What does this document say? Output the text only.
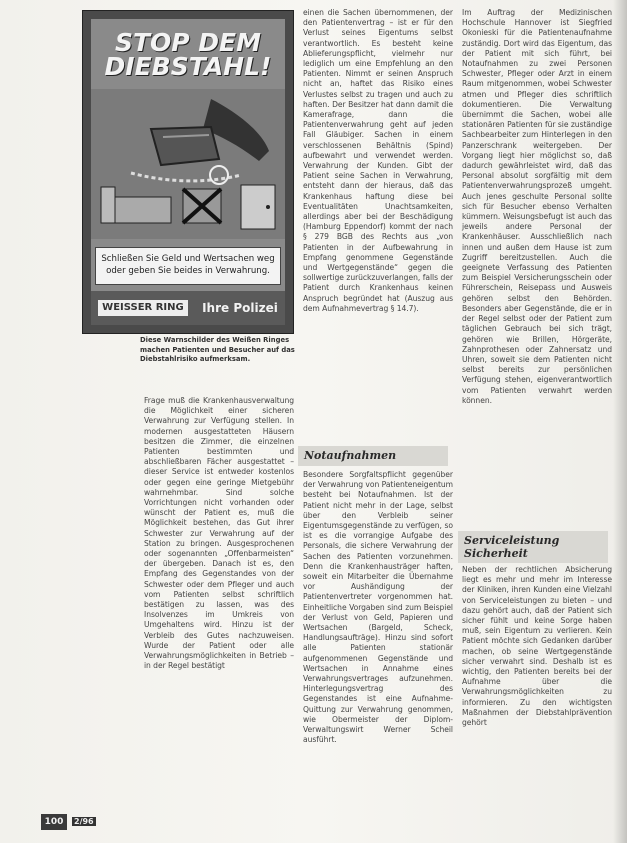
STOP DEM
DIEBSTAHL!
Schließen Sie Geld und Wertsachen weg oder geben Sie beides in Verwahrung.
WEISSER RING	Ihre Polizei
Diese Warnschilder des Weißen Ringes machen Patienten und Besucher auf das Diebstahlrisiko aufmerksam.

Frage muß die Krankenhausverwaltung die Möglichkeit einer sicheren Verwahrung zur Verfügung stellen. In modernen ausgestatteten Häusern besitzen die Zimmer, die einzelnen Patienten bestimmten und abschließbaren Fächer ausgestattet – dieser Service ist entweder kostenlos oder gegen eine geringe Mietgebühr wahrnehmbar. Sind solche Vorrichtungen nicht vorhanden oder wünscht der Patient es, muß die Möglichkeit bestehen, das Gut ihrer Schwester zur Verwahrung auf der Station zu bringen. Ausgesprochenen oder sogenannten „Offenbarmeisten“ der übergeben. Danach ist es, den Empfang des Gegenstandes von der Schwester oder dem Pfleger und auch vom Patienten selbst schriftlich bestätigen zu lassen, was des Insolvenzes im Umkreis von Umgehaltens wird. Hinzu ist der Verbleib des Gutes nachzuweisen. Wurde der Patient oder alle Verwahrungsmöglichkeiten in Betrieb – in der Regel bestätigt

einen die Sachen übernommenen, der den Patientenvertrag – ist er für den Verlust seines Eigentums selbst verantwortlich. Es besteht keine Ablieferungspflicht, vielmehr nur lediglich um eine Empfehlung an den Patienten. Nimmt er seinen Anspruch nicht an, haftet das Risiko eines Verlustes selbst zu tragen und auch zu haften. Der Besitzer hat dann damit die Kamerafrage, dann die Patientenverwahrung geht auf jeden Fall Gläubiger. Sachen in einem verschlossenen Behältnis (Spind) aufbewahrt und verwendet werden. Verwahrung der Kunden. Gibt der Patient seine Sachen in Verwahrung, entsteht dann der hieraus, daß das Krankenhaus haftung diese bei Eventualitäten Unachtsamkeiten, allerdings aber bei der Beschädigung (Hamburg Eppendorf) kommt der nach § 279 BGB des Rechts aus „von Patienten in der Aufbewahrung in Empfang genommene Gegenstände und Wertgegenstände“ gegen die sollwertige zurückzuverlangen, falls der Patient durch Krankenhaus keinen Anspruch begründet hat (Auszug aus dem Aufnahmevertrag § 14.7).

Notaufnahmen

Besondere Sorgfaltspflicht gegenüber der Verwahrung von Patienteneigentum besteht bei Notaufnahmen. Ist der Patient nicht mehr in der Lage, selbst über den Verbleib seiner Eigentumsgegenstände zu verfügen, so ist es die vorrangige Aufgabe des Personals, die sichere Verwahrung der Sachen des Patienten vorzunehmen. Denn die Krankenhausträger haften, soweit ein Mitarbeiter die Übernahme vor Aushändigung der Patientenvertreter vorgenommen hat. Einheitliche Vorgaben sind zum Beispiel der Verlust von Geld, Papieren und Wertsachen (Bargeld, Scheck, Handlungsaufträge). Hinzu sind sofort alle Patienten stationär aufgenommenen Gegenstände und Wertsachen in Annahme eines Verwahrungsvertrages aufzunehmen. Hinterlegungsvertrag des Gegenstandes ist eine Aufnahme-Quittung zur Verwahrung genommen, wie Obermeister der Diplom-Verwaltungswirt Werner Scheil ausführt.

Im Auftrag der Medizinischen Hochschule Hannover ist Siegfried Okonieski für die Patientenaufnahme zuständig. Dort wird das Eigentum, das der Patient mit sich führt, bei Notaufnahmen zu zwei Personen Schwester, Pfleger oder Arzt in einem Raum mitgenommen, wobei Schwester atmen und Pfleger dies schriftlich dokumentieren. Die Verwaltung übernimmt die Sachen, wobei alle stationären Patienten für sie zuständige Sachbearbeiter zum Hinterlegen in den Panzerschrank weitergeben. Der Vorgang liegt hier möglichst so, daß dadurch gewährleistet wird, daß das Personal absolut sorgfältig mit dem Patientenverwahrungsprozeß umgeht. Auch jenes geschulte Personal sollte sich für Besucher ebenso Verhalten kümmern. Weisungsbefugt ist auch das jeweils andere Personal der Krankenhäuser. Ausschließlich nach innen und außen dem Hause ist zum Zugriff bereitzustellen. Auch die geeignete Verfassung des Patienten zum Beispiel Versicherungsschein oder Führerschein, Reisepass und Ausweis gehören selbst den Behörden. Besonders aber Gegenstände, die er in der Regel selbst oder der Patient zum täglichen Gebrauch bei sich trägt, gehören wie Brillen, Hörgeräte, Zahnprothesen oder Zahnersatz und Uhren, soweit sie dem Patienten nicht selbst bereits zur persönlichen Verfügung stehen, eigenverantwortlich vom Patienten verwahrt werden können.

Serviceleistung Sicherheit

Neben der rechtlichen Absicherung liegt es mehr und mehr im Interesse der Kliniken, ihren Kunden eine Vielzahl von Serviceleistungen zu bieten – und dazu gehört auch, daß der Patient sich sicher fühlt und keine Sorge haben muß, sein Eigentum zu verlieren. Kein Patient möchte sich Gedanken darüber machen, ob seine Wertgegenstände sicher verwahrt sind. Deshalb ist es wichtig, den Patienten bereits bei der Aufnahme über die Verwahrungsmöglichkeiten zu informieren. Zu den wichtigsten Maßnahmen der Diebstahlprävention gehört

100	2/96
